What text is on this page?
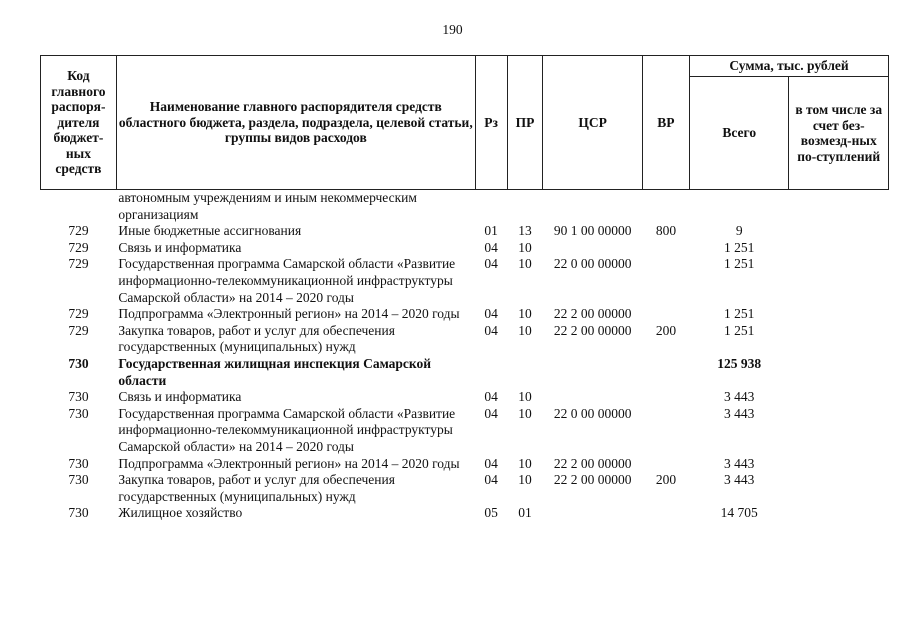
190
Код главного распоря-дителя бюджет-ных средств	Наименование главного распорядителя средств областного бюджета, раздела, подраздела, целевой статьи, группы видов расходов	Рз	ПР	ЦСР	ВР	Сумма, тыс. рублей	
						Всего	в том числе за счет без-возмезд-ных по-ступлений
	автономным учреждениям и иным некоммерческим организациям						
729	Иные бюджетные ассигнования	01	13	90 1 00 00000	800	9	
729	Связь и информатика	04	10			1 251	
729	Государственная программа Самарской области «Развитие информационно-телекоммуникационной инфраструктуры Самарской области» на 2014 – 2020 годы	04	10	22 0 00 00000		1 251	
729	Подпрограмма «Электронный регион» на 2014 – 2020 годы	04	10	22 2 00 00000		1 251	
729	Закупка товаров, работ и услуг для обеспечения государственных (муниципальных) нужд	04	10	22 2 00 00000	200	1 251	
730	Государственная жилищная инспекция Самарской области					125 938	
730	Связь и информатика	04	10			3 443	
730	Государственная программа Самарской области «Развитие информационно-телекоммуникационной инфраструктуры Самарской области» на 2014 – 2020 годы	04	10	22 0 00 00000		3 443	
730	Подпрограмма «Электронный регион» на 2014 – 2020 годы	04	10	22 2 00 00000		3 443	
730	Закупка товаров, работ и услуг для обеспечения государственных (муниципальных) нужд	04	10	22 2 00 00000	200	3 443	
730	Жилищное хозяйство	05	01			14 705	
